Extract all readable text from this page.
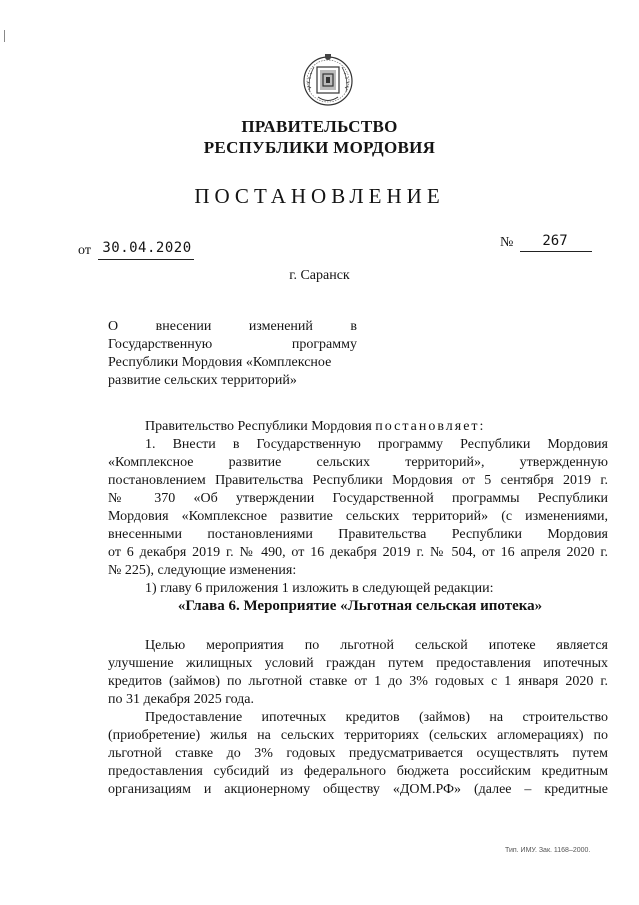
ПРАВИТЕЛЬСТВО
РЕСПУБЛИКИ МОРДОВИЯ
ПОСТАНОВЛЕНИЕ
от 30.04.2020	№	267
г. Саранск
О внесении изменений в
Государственную программу
Республики Мордовия «Комплексное
развитие сельских территорий»
Правительство Республики Мордовия постановляет:
1. Внести в Государственную программу Республики Мордовия
«Комплексное развитие сельских территорий», утвержденную
постановлением Правительства Республики Мордовия от 5 сентября 2019 г.
№ 370 «Об утверждении Государственной программы Республики
Мордовия «Комплексное развитие сельских территорий» (с изменениями,
внесенными постановлениями Правительства Республики Мордовия
от 6 декабря 2019 г. № 490, от 16 декабря 2019 г. № 504, от 16 апреля 2020 г.
№ 225), следующие изменения:
1) главу 6 приложения 1 изложить в следующей редакции:
«Глава 6. Мероприятие «Льготная сельская ипотека»
Целью мероприятия по льготной сельской ипотеке является
улучшение жилищных условий граждан путем предоставления ипотечных
кредитов (займов) по льготной ставке от 1 до 3% годовых с 1 января 2020 г.
по 31 декабря 2025 года.
Предоставление ипотечных кредитов (займов) на строительство
(приобретение) жилья на сельских территориях (сельских агломерациях) по
льготной ставке до 3% годовых предусматривается осуществлять путем
предоставления субсидий из федерального бюджета российским кредитным
организациям и акционерному обществу «ДОМ.РФ» (далее – кредитные
Тип. ИМУ. Зак. 1168–2000.
